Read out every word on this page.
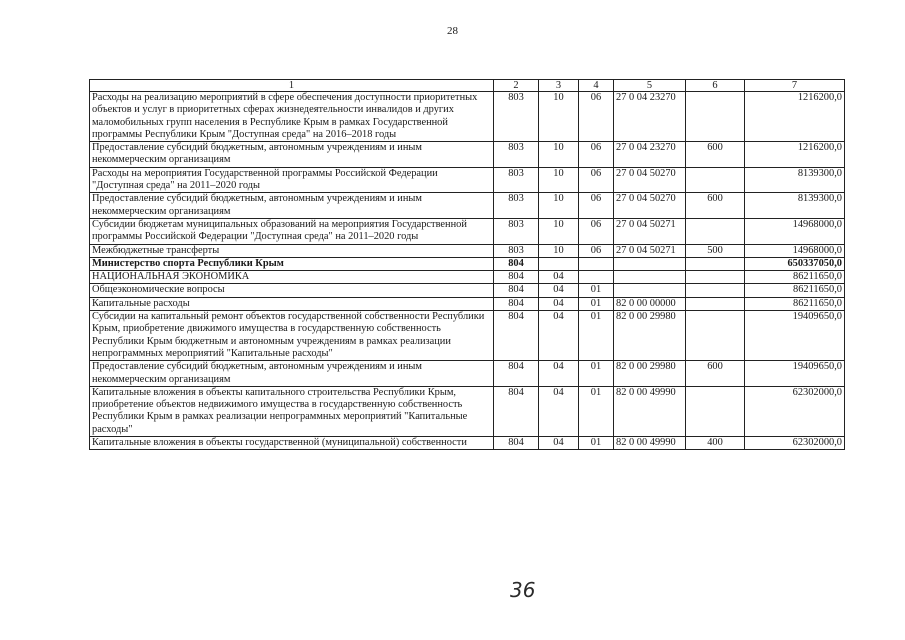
28
1	2	3	4	5	6	7
Расходы на реализацию мероприятий в сфере обеспечения доступности приоритетных объектов и услуг в приоритетных сферах жизнедеятельности инвалидов и других маломобильных групп населения в Республике Крым в рамках Государственной программы Республики Крым "Доступная среда" на 2016–2018 годы	803	10	06	27 0 04 23270		1216200,0
Предоставление субсидий бюджетным, автономным учреждениям и иным некоммерческим организациям	803	10	06	27 0 04 23270	600	1216200,0
Расходы на мероприятия Государственной программы Российской Федерации "Доступная среда" на 2011–2020 годы	803	10	06	27 0 04 50270		8139300,0
Предоставление субсидий бюджетным, автономным учреждениям и иным некоммерческим организациям	803	10	06	27 0 04 50270	600	8139300,0
Субсидии бюджетам муниципальных образований на мероприятия Государственной программы Российской Федерации "Доступная среда" на 2011–2020 годы	803	10	06	27 0 04 50271		14968000,0
Межбюджетные трансферты	803	10	06	27 0 04 50271	500	14968000,0
Министерство спорта Республики Крым	804					650337050,0
НАЦИОНАЛЬНАЯ ЭКОНОМИКА	804	04				86211650,0
Общеэкономические вопросы	804	04	01			86211650,0
Капитальные расходы	804	04	01	82 0 00 00000		86211650,0
Субсидии на капитальный ремонт объектов государственной собственности Республики Крым, приобретение движимого имущества в государственную собственность Республики Крым бюджетным и автономным учреждениям в рамках реализации непрограммных мероприятий "Капитальные расходы"	804	04	01	82 0 00 29980		19409650,0
Предоставление субсидий бюджетным, автономным учреждениям и иным некоммерческим организациям	804	04	01	82 0 00 29980	600	19409650,0
Капитальные вложения в объекты капитального строительства Республики Крым, приобретение объектов недвижимого имущества в государственную собственность Республики Крым в рамках реализации непрограммных мероприятий "Капитальные расходы"	804	04	01	82 0 00 49990		62302000,0
Капитальные вложения в объекты государственной (муниципальной) собственности	804	04	01	82 0 00 49990	400	62302000,0
36
